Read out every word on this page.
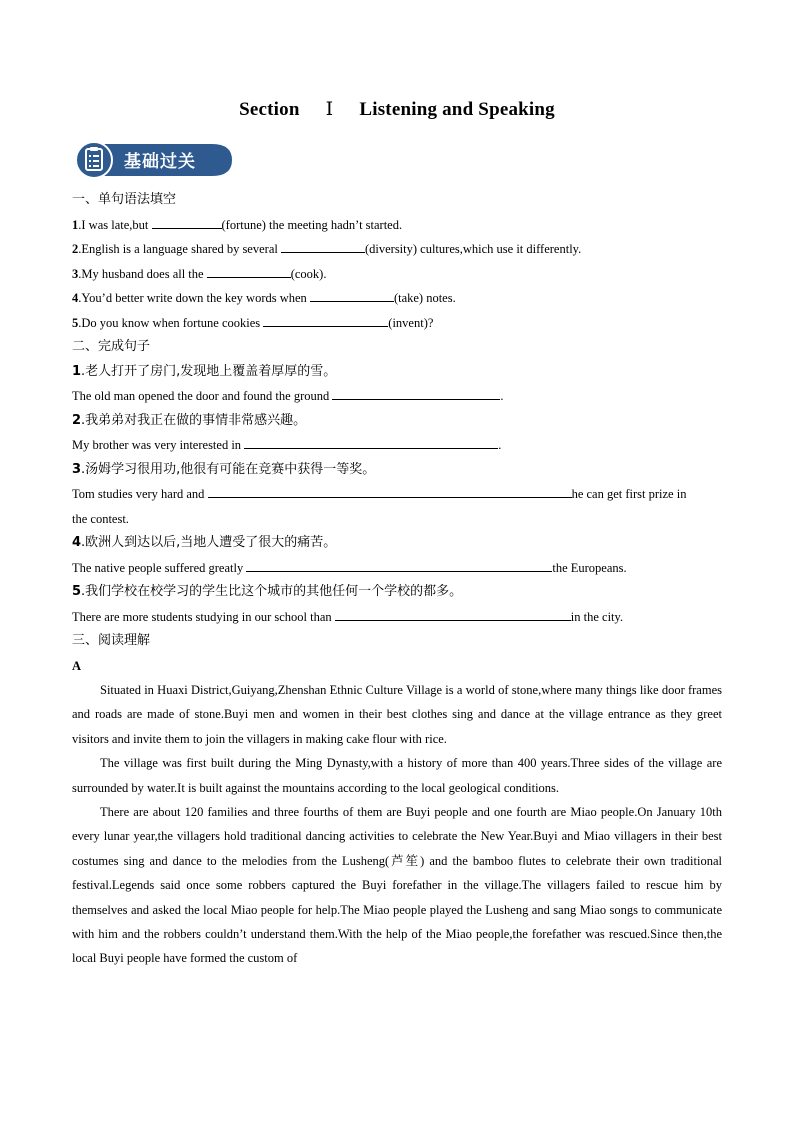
Section Ⅰ Listening and Speaking
基础过关
一、单句语法填空
1.I was late,but	(fortune) the meeting hadn’t started.
2.English is a language shared by several	(diversity) cultures,which use it differently.
3.My husband does all the	(cook).
4.You’d better write down the key words when	(take) notes.
5.Do you know when fortune cookies	(invent)?
二、完成句子
1.老人打开了房门,发现地上覆盖着厚厚的雪。
The old man opened the door and found the ground	.
2.我弟弟对我正在做的事情非常感兴趣。
My brother was very interested in	.
3.汤姆学习很用功,他很有可能在竞赛中获得一等奖。
Tom studies very hard and	he can get first prize in
the contest.
4.欧洲人到达以后,当地人遭受了很大的痛苦。
The native people suffered greatly	the Europeans.
5.我们学校在校学习的学生比这个城市的其他任何一个学校的都多。
There are more students studying in our school than	in the city.
三、阅读理解
A

Situated in Huaxi District,Guiyang,Zhenshan Ethnic Culture Village is a world of stone,where many things like door frames and roads are made of stone.Buyi men and women in their best clothes sing and dance at the village entrance as they greet visitors and invite them to join the villagers in making cake flour with rice.

The village was first built during the Ming Dynasty,with a history of more than 400 years.Three sides of the village are surrounded by water.It is built against the mountains according to the local geological conditions.

There are about 120 families and three fourths of them are Buyi people and one fourth are Miao people.On January 10th every lunar year,the villagers hold traditional dancing activities to celebrate the New Year.Buyi and Miao villagers in their best costumes sing and dance to the melodies from the Lusheng(芦笙) and the bamboo flutes to celebrate their own traditional festival.Legends said once some robbers captured the Buyi forefather in the village.The villagers failed to rescue him by themselves and asked the local Miao people for help.The Miao people played the Lusheng and sang Miao songs to communicate with him and the robbers couldn’t understand them.With the help of the Miao people,the forefather was rescued.Since then,the local Buyi people have formed the custom of
